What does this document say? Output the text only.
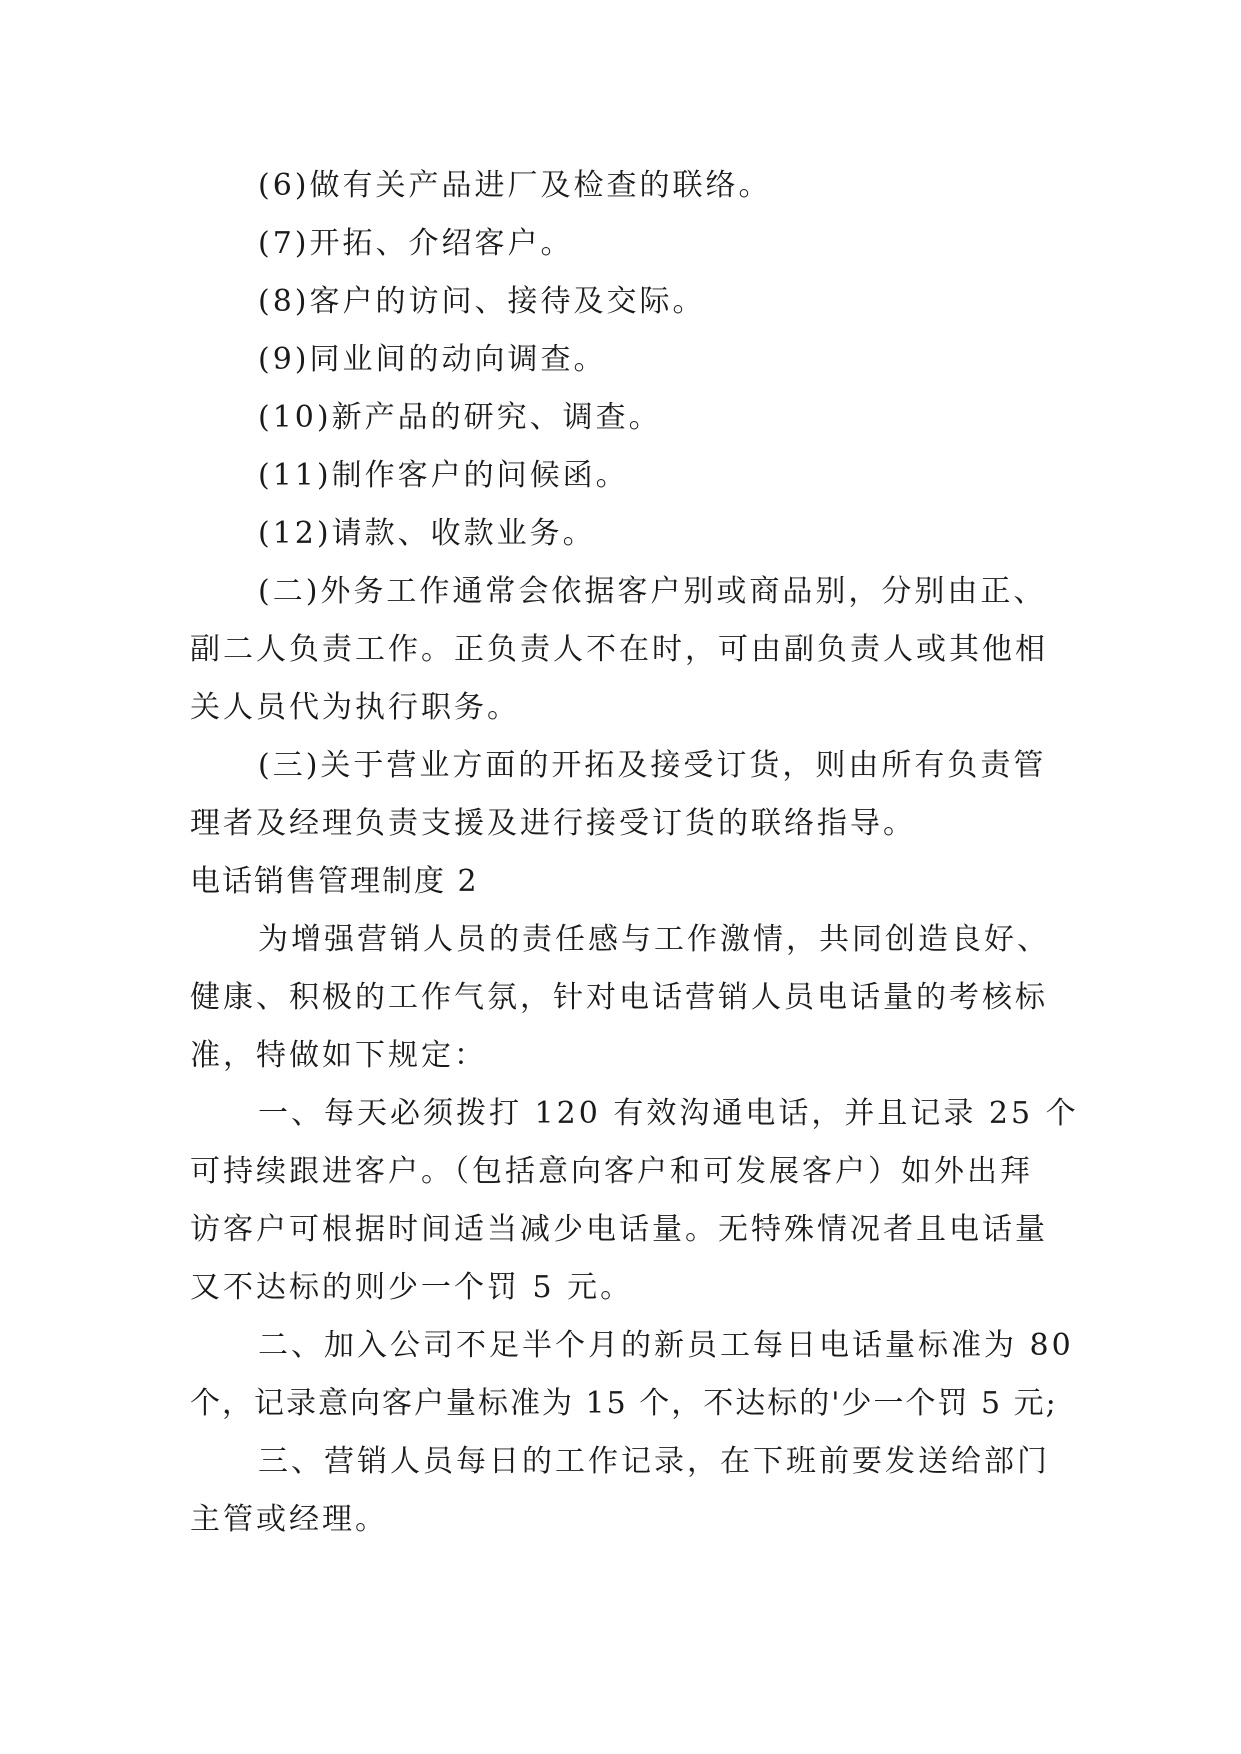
(6)做有关产品进厂及检查的联络。
(7)开拓、介绍客户。
(8)客户的访问、接待及交际。
(9)同业间的动向调查。
(10)新产品的研究、调查。
(11)制作客户的问候函。
(12)请款、收款业务。
(二)外务工作通常会依据客户别或商品别，分别由正、
副二人负责工作。正负责人不在时，可由副负责人或其他相
关人员代为执行职务。
(三)关于营业方面的开拓及接受订货，则由所有负责管
理者及经理负责支援及进行接受订货的联络指导。
电话销售管理制度 2
为增强营销人员的责任感与工作激情，共同创造良好、
健康、积极的工作气氛，针对电话营销人员电话量的考核标
准，特做如下规定：
一、每天必须拨打 120 有效沟通电话，并且记录 25 个
可持续跟进客户。（包括意向客户和可发展客户）如外出拜
访客户可根据时间适当减少电话量。无特殊情况者且电话量
又不达标的则少一个罚 5 元。
二、加入公司不足半个月的新员工每日电话量标准为 80
个，记录意向客户量标准为 15 个，不达标的'少一个罚 5 元;
三、营销人员每日的工作记录，在下班前要发送给部门
主管或经理。
